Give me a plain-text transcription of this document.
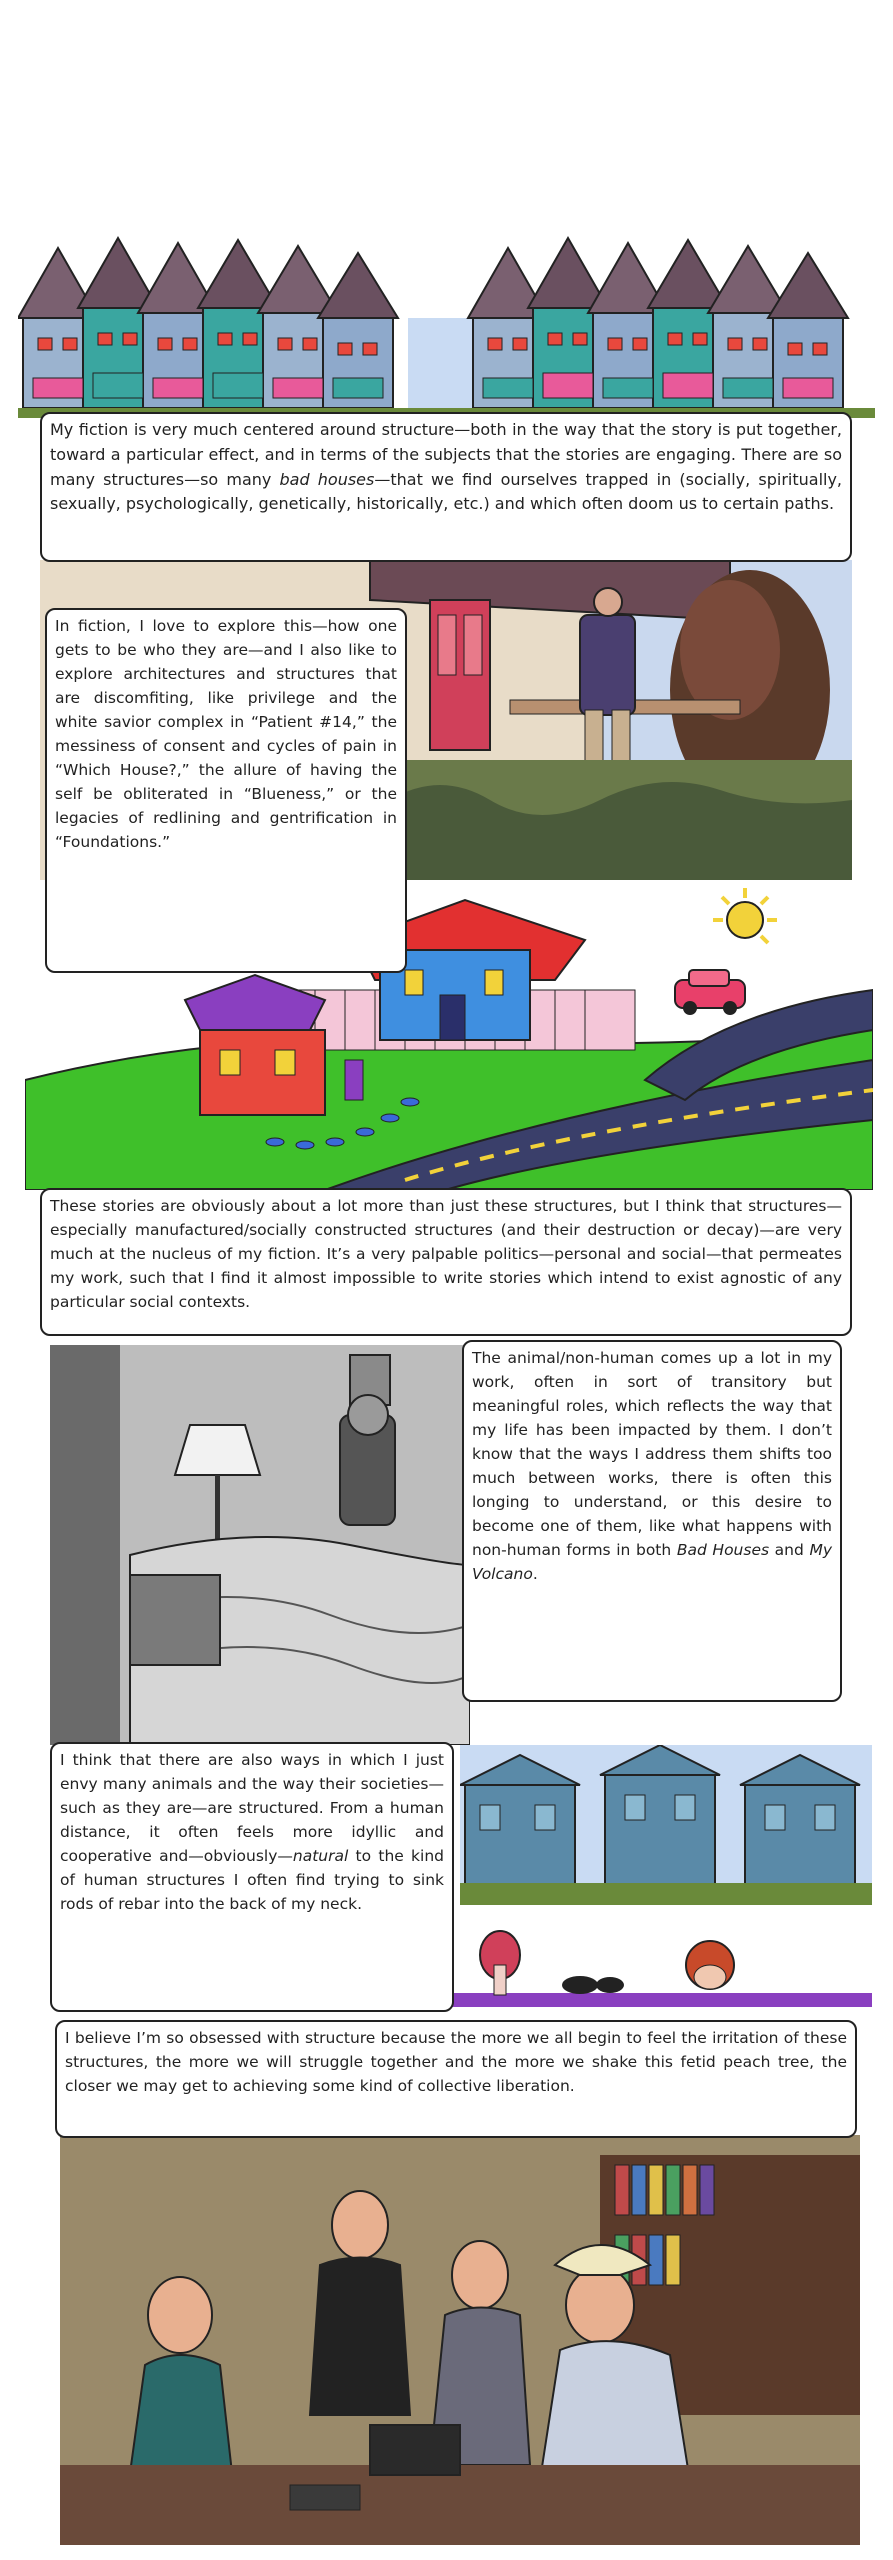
My fiction is very much centered around structure—both in the way that the story is put together, toward a particular effect, and in terms of the subjects that the stories are engaging. There are so many structures—so many bad houses—that we find ourselves trapped in (socially, spiritually, sexually, psychologically, genetically, historically, etc.) and which often doom us to certain paths.
In fiction, I love to explore this—how one gets to be who they are—and I also like to explore architectures and structures that are discomfiting, like privilege and the white savior complex in “Patient #14,” the messiness of consent and cycles of pain in “Which House?,” the allure of having the self be obliterated in “Blueness,” or the legacies of redlining and gentrification in “Foundations.”
These stories are obviously about a lot more than just these structures, but I think that structures—especially manufactured/socially constructed structures (and their destruction or decay)—are very much at the nucleus of my fiction. It’s a very palpable politics—personal and social—that permeates my work, such that I find it almost impossible to write stories which intend to exist agnostic of any particular social contexts.
The animal/non-human comes up a lot in my work, often in sort of transitory but meaningful roles, which reflects the way that my life has been impacted by them. I don’t know that the ways I address them shifts too much between works, there is often this longing to understand, or this desire to become one of them, like what happens with non-human forms in both Bad Houses and My Volcano.
I think that there are also ways in which I just envy many animals and the way their societies—such as they are—are structured. From a human distance, it often feels more idyllic and cooperative and—obviously—natural to the kind of human structures I often find trying to sink rods of rebar into the back of my neck.
I believe I’m so obsessed with structure because the more we all begin to feel the irritation of these structures, the more we will struggle together and the more we shake this fetid peach tree, the closer we may get to achieving some kind of collective liberation.
